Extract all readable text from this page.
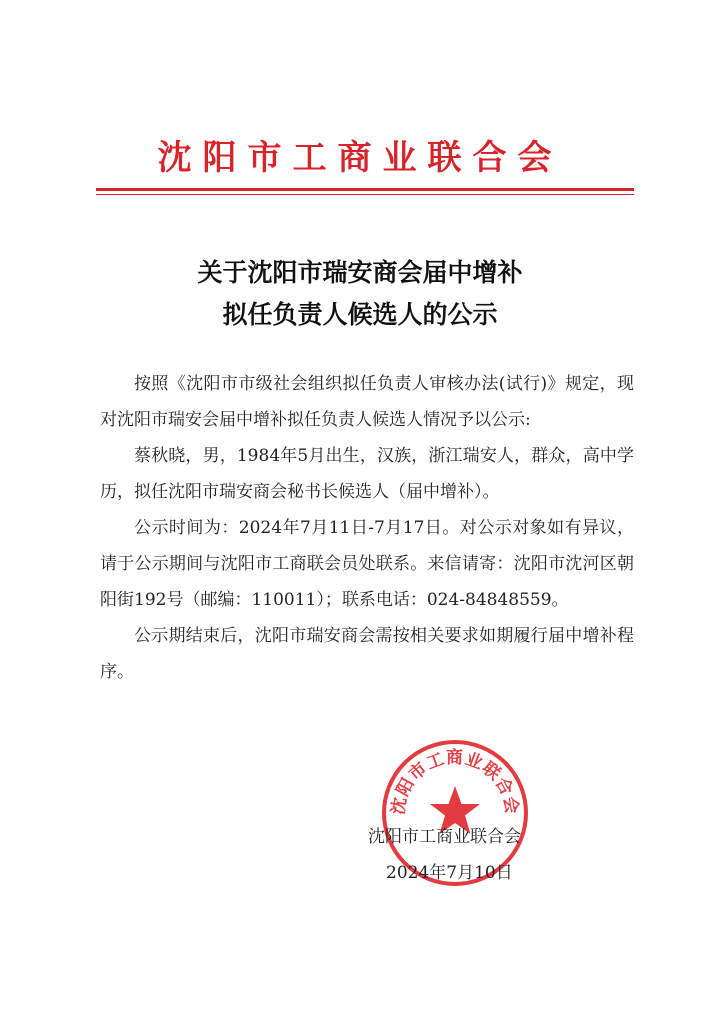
沈阳市工商业联合会
关于沈阳市瑞安商会届中增补
拟任负责人候选人的公示

按照《沈阳市市级社会组织拟任负责人审核办法(试行)》规定，现对沈阳市瑞安会届中增补拟任负责人候选人情况予以公示:

蔡秋晓，男，1984年5月出生，汉族，浙江瑞安人，群众，高中学历，拟任沈阳市瑞安商会秘书长候选人（届中增补）。

公示时间为：2024年7月11日-7月17日。对公示对象如有异议，请于公示期间与沈阳市工商联会员处联系。来信请寄：沈阳市沈河区朝阳街192号（邮编：110011）；联系电话：024-84848559。

公示期结束后，沈阳市瑞安商会需按相关要求如期履行届中增补程序。

沈阳市工商业联合会
沈阳市工商业联合会
2024年7月10日
